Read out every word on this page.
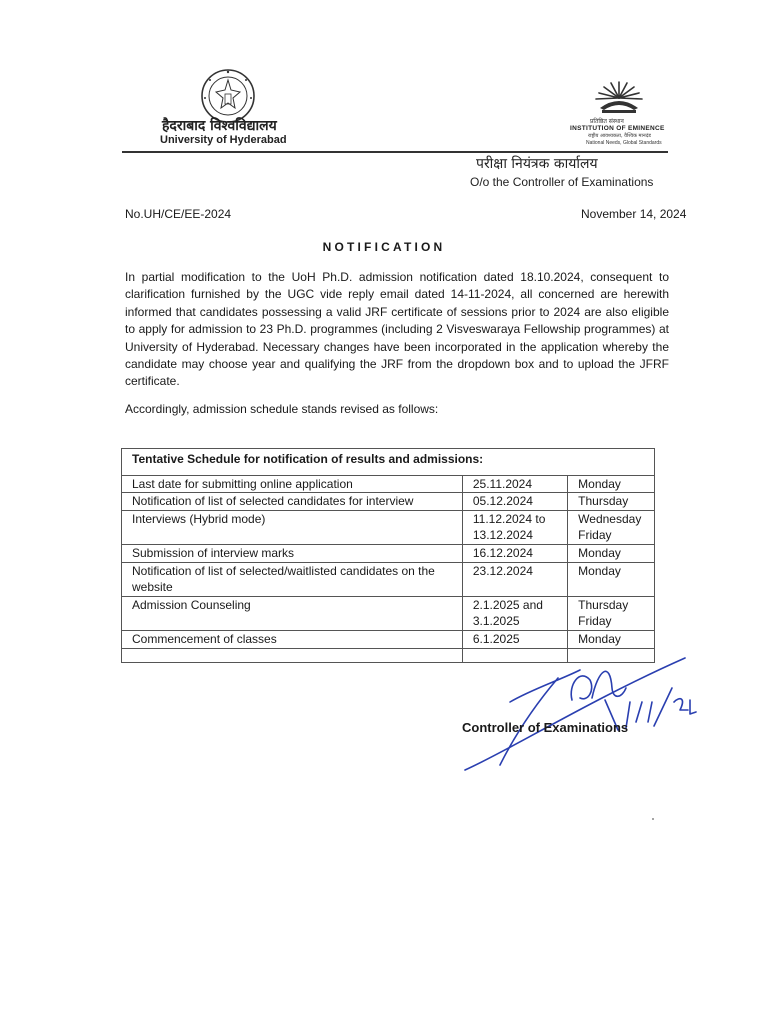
हैदराबाद विश्वविद्यालय
University of Hyderabad
प्रतिष्ठित संस्थान
INSTITUTION OF EMINENCE
राष्ट्रीय आवश्यकता, वैश्विक मानदंड
National Needs, Global Standards
परीक्षा नियंत्रक कार्यालय
O/o the Controller of Examinations
No.UH/CE/EE-2024	November 14, 2024
NOTIFICATION
In partial modification to the UoH Ph.D. admission notification dated 18.10.2024, consequent to clarification furnished by the UGC vide reply email dated 14-11-2024, all concerned are herewith informed that candidates possessing a valid JRF certificate of sessions prior to 2024 are also eligible to apply for admission to 23 Ph.D. programmes (including 2 Visveswaraya Fellowship programmes) at University of Hyderabad. Necessary changes have been incorporated in the application whereby the candidate may choose year and qualifying the JRF from the dropdown box and to upload the JFRF certificate.
Accordingly, admission schedule stands revised as follows:
Tentative Schedule for notification of results and admissions:		
Last date for submitting online application	25.11.2024	Monday
Notification of list of selected candidates for interview	05.12.2024	Thursday
Interviews (Hybrid mode)	11.12.2024 to 13.12.2024	Wednesday Friday
Submission of interview marks	16.12.2024	Monday
Notification of list of selected/waitlisted candidates on the website	23.12.2024	Monday
Admission Counseling	2.1.2025 and 3.1.2025	Thursday Friday
Commencement of classes	6.1.2025	Monday

Controller of Examinations
